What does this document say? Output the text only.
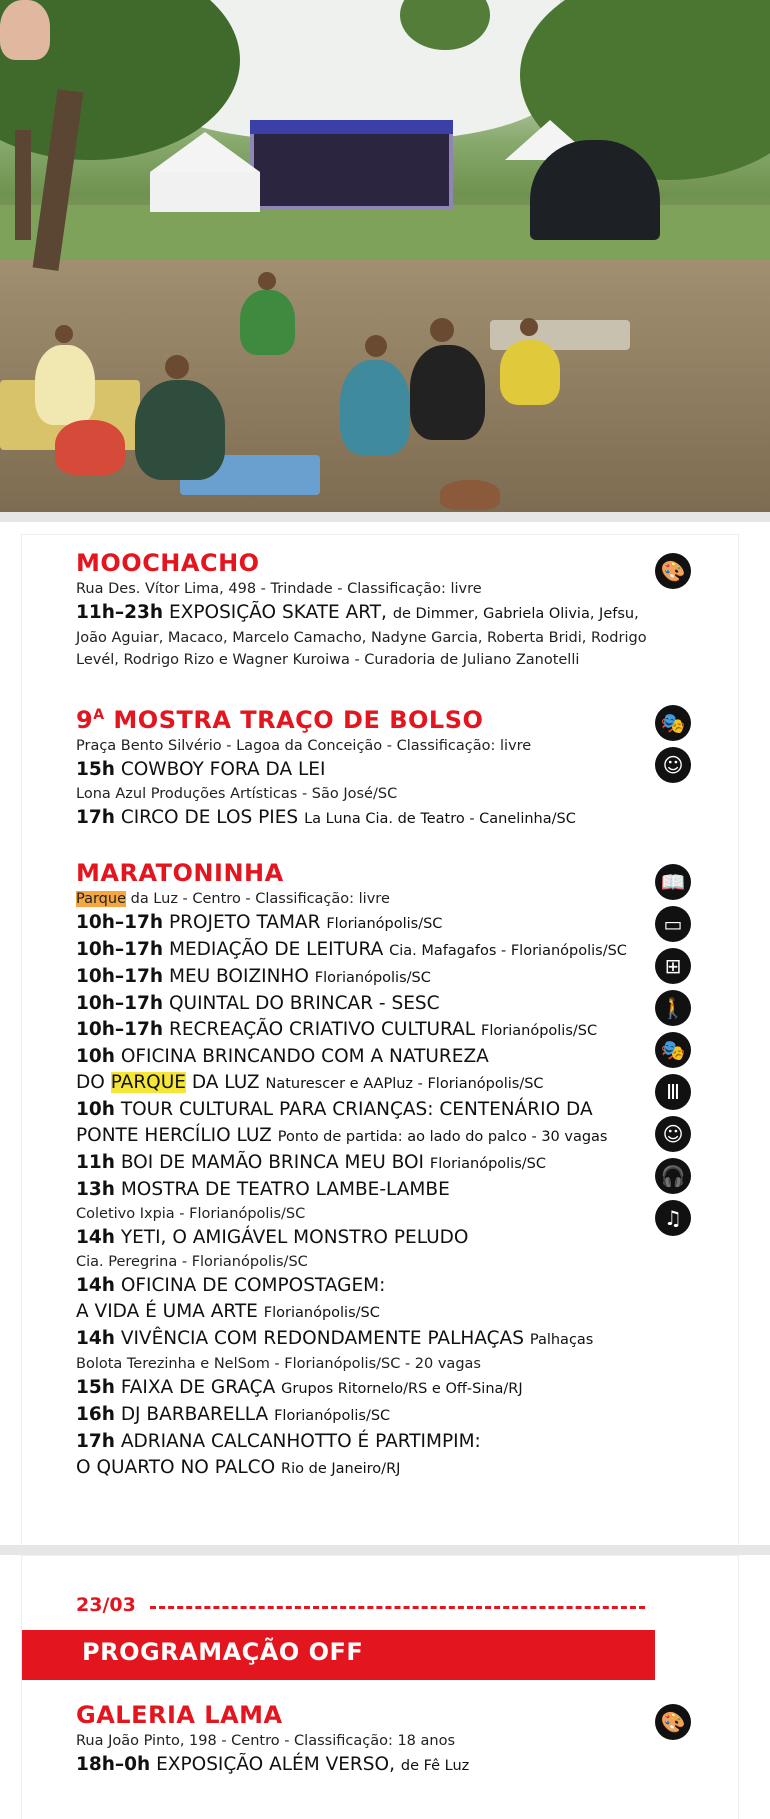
MOOCHACHO
Rua Des. Vítor Lima, 498 - Trindade - Classificação: livre
11h–23h EXPOSIÇÃO SKATE ART, de Dimmer, Gabriela Olivia, Jefsu,
João Aguiar, Macaco, Marcelo Camacho, Nadyne Garcia, Roberta Bridi, Rodrigo
Levél, Rodrigo Rizo e Wagner Kuroiwa - Curadoria de Juliano Zanotelli
🎨
$9^A$ MOSTRA TRAÇO DE BOLSO
Praça Bento Silvério - Lagoa da Conceição - Classificação: livre
15h COWBOY FORA DA LEI
Lona Azul Produções Artísticas - São José/SC
17h CIRCO DE LOS PIES La Luna Cia. de Teatro - Canelinha/SC
🎭
☺
MARATONINHA
Parque da Luz - Centro - Classificação: livre
10h–17h PROJETO TAMAR Florianópolis/SC
10h–17h MEDIAÇÃO DE LEITURA Cia. Mafagafos - Florianópolis/SC
10h–17h MEU BOIZINHO Florianópolis/SC
10h–17h QUINTAL DO BRINCAR - SESC
10h–17h RECREAÇÃO CRIATIVO CULTURAL Florianópolis/SC
10h OFICINA BRINCANDO COM A NATUREZA
DO PARQUE DA LUZ Naturescer e AAPluz - Florianópolis/SC
10h TOUR CULTURAL PARA CRIANÇAS: CENTENÁRIO DA
PONTE HERCÍLIO LUZ Ponto de partida: ao lado do palco - 30 vagas
11h BOI DE MAMÃO BRINCA MEU BOI Florianópolis/SC
13h MOSTRA DE TEATRO LAMBE-LAMBE
Coletivo Ixpia - Florianópolis/SC
14h YETI, O AMIGÁVEL MONSTRO PELUDO
Cia. Peregrina - Florianópolis/SC
14h OFICINA DE COMPOSTAGEM:
A VIDA É UMA ARTE Florianópolis/SC
14h VIVÊNCIA COM REDONDAMENTE PALHAÇAS Palhaças
Bolota Terezinha e NelSom - Florianópolis/SC - 20 vagas
15h FAIXA DE GRAÇA Grupos Ritornelo/RS e Off-Sina/RJ
16h DJ BARBARELLA Florianópolis/SC
17h ADRIANA CALCANHOTTO É PARTIMPIM:
O QUARTO NO PALCO Rio de Janeiro/RJ
📖
▭
⊞
🚶
🎭
Ⅲ
☺
🎧
♫
23/03
PROGRAMAÇÃO OFF
GALERIA LAMA
Rua João Pinto, 198 - Centro - Classificação: 18 anos
18h–0h EXPOSIÇÃO ALÉM VERSO, de Fê Luz
🎨
